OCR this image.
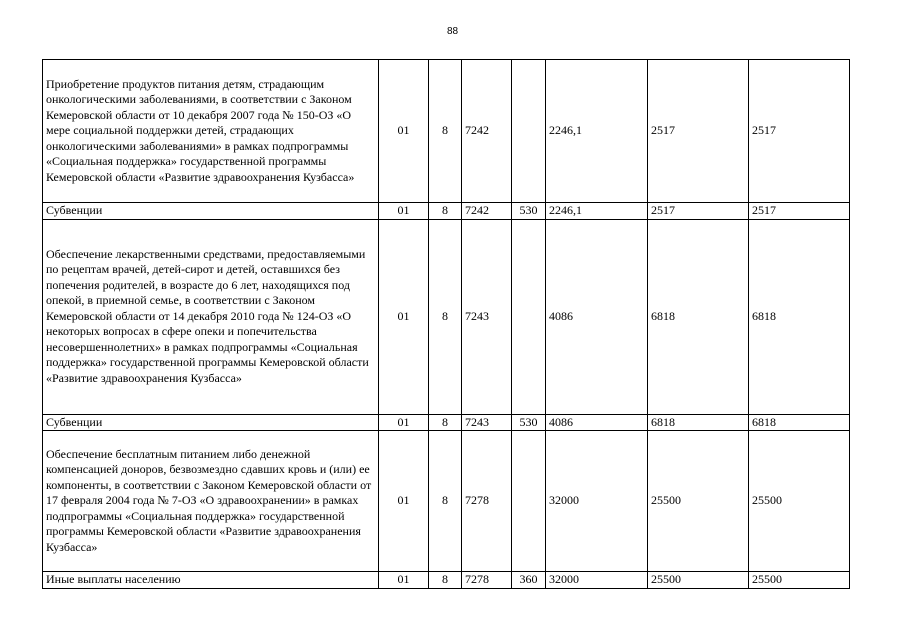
88
Приобретение продуктов питания детям, страдающим онкологическими заболеваниями, в соответствии с Законом Кемеровской области от 10 декабря 2007 года № 150-ОЗ «О мере социальной поддержки детей, страдающих онкологическими заболеваниями» в рамках подпрограммы «Социальная поддержка» государственной программы Кемеровской области «Развитие здравоохранения Кузбасса»	01	8	7242		2246,1	2517	2517
Субвенции	01	8	7242	530	2246,1	2517	2517
Обеспечение лекарственными средствами, предоставляемыми по рецептам врачей, детей-сирот и детей, оставшихся без попечения родителей, в возрасте до 6 лет, находящихся под опекой, в приемной семье, в соответствии с Законом Кемеровской области от 14 декабря 2010 года № 124-ОЗ «О некоторых вопросах в сфере опеки и попечительства несовершеннолетних» в рамках подпрограммы «Социальная поддержка» государственной программы Кемеровской области «Развитие здравоохранения Кузбасса»	01	8	7243		4086	6818	6818
Субвенции	01	8	7243	530	4086	6818	6818
Обеспечение бесплатным питанием либо денежной компенсацией доноров, безвозмездно сдавших кровь и (или) ее компоненты, в соответствии с Законом Кемеровской области от 17 февраля 2004 года № 7-ОЗ «О здравоохранении» в рамках подпрограммы «Социальная поддержка» государственной программы Кемеровской области «Развитие здравоохранения Кузбасса»	01	8	7278		32000	25500	25500
Иные выплаты населению	01	8	7278	360	32000	25500	25500
